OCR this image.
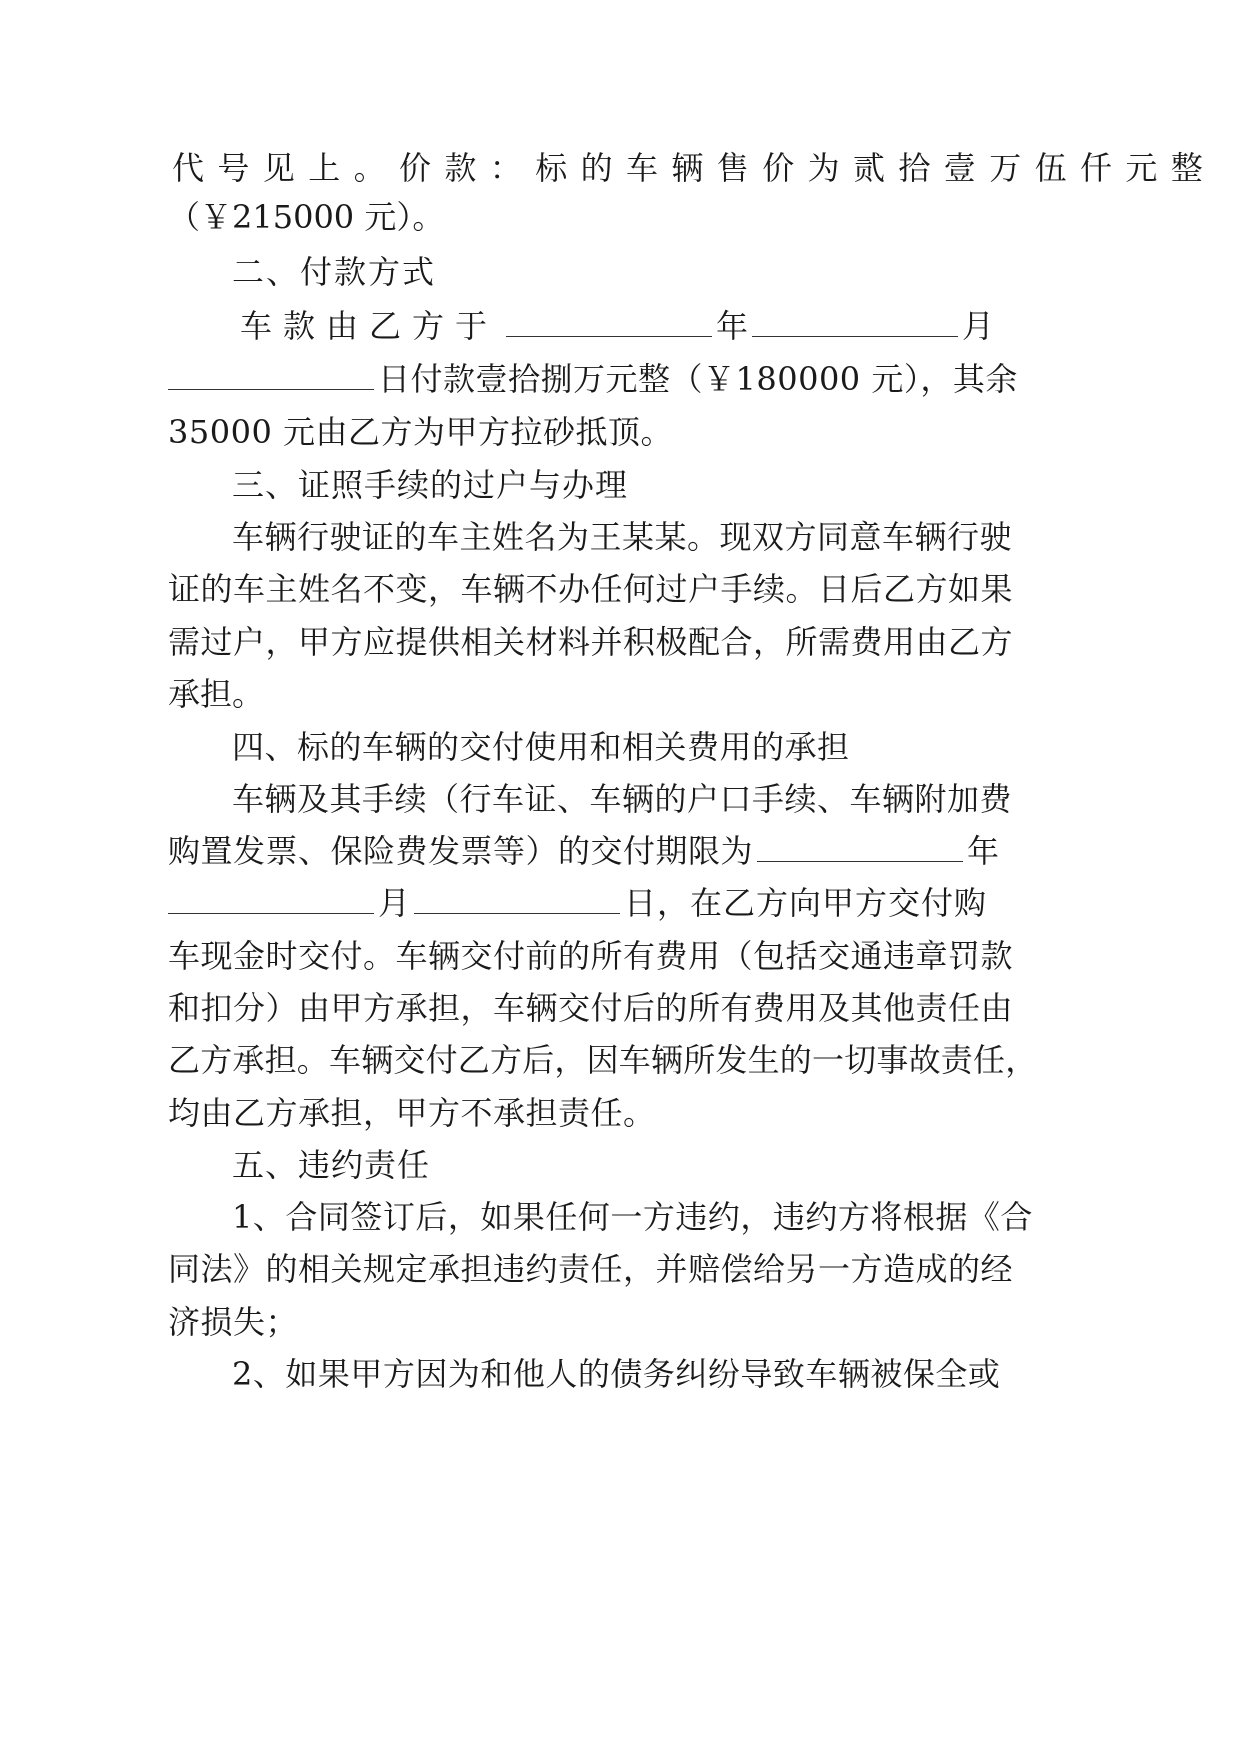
代号见上。价款：标的车辆售价为贰拾壹万伍仟元整
（￥215000 元）。
二、付款方式
车款由乙方于	年	月
日付款壹拾捌万元整（￥180000 元），其余
35000 元由乙方为甲方拉砂抵顶。
三、证照手续的过户与办理
车辆行驶证的车主姓名为王某某。现双方同意车辆行驶
证的车主姓名不变，车辆不办任何过户手续。日后乙方如果
需过户，甲方应提供相关材料并积极配合，所需费用由乙方
承担。
四、标的车辆的交付使用和相关费用的承担
车辆及其手续（行车证、车辆的户口手续、车辆附加费
购置发票、保险费发票等）的交付期限为	年
月	日，在乙方向甲方交付购
车现金时交付。车辆交付前的所有费用（包括交通违章罚款
和扣分）由甲方承担，车辆交付后的所有费用及其他责任由
乙方承担。车辆交付乙方后，因车辆所发生的一切事故责任，
均由乙方承担，甲方不承担责任。
五、违约责任
1、合同签订后，如果任何一方违约，违约方将根据《合
同法》的相关规定承担违约责任，并赔偿给另一方造成的经
济损失；
2、如果甲方因为和他人的债务纠纷导致车辆被保全或
